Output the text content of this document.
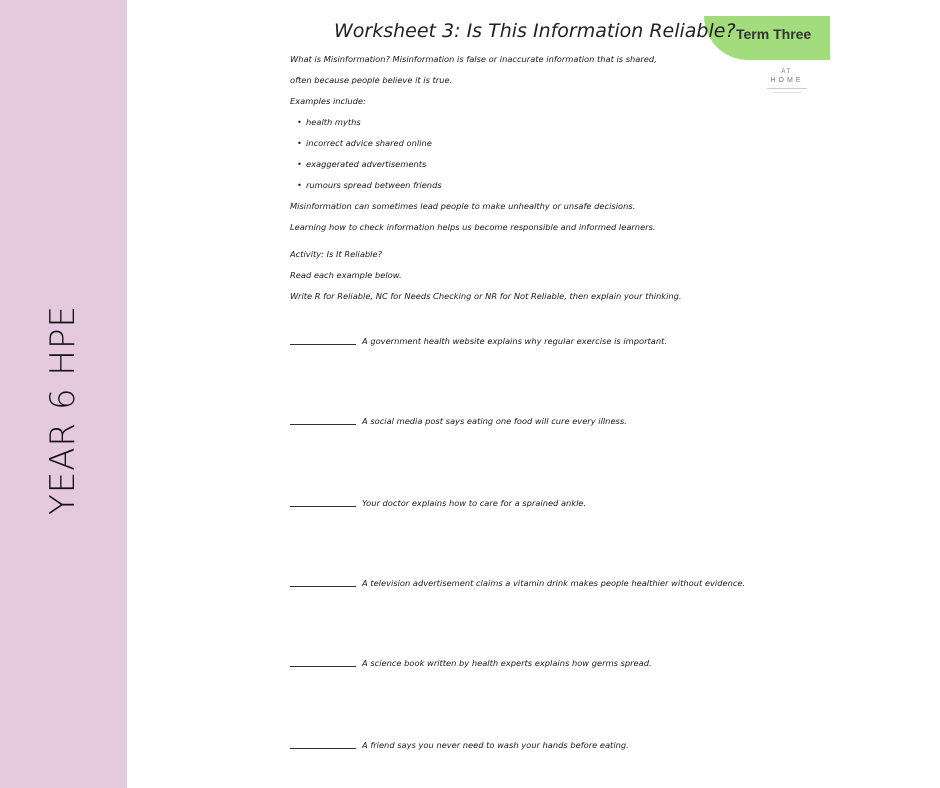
YEAR 6 HPE
Term Three
Worksheet 3: Is This Information Reliable?
AT
HOME
What is Misinformation? Misinformation is false or inaccurate information that is shared,
often because people believe it is true.
Examples include:
• health myths
• incorrect advice shared online
• exaggerated advertisements
• rumours spread between friends
Misinformation can sometimes lead people to make unhealthy or unsafe decisions.
Learning how to check information helps us become responsible and informed learners.
Activity: Is It Reliable?
Read each example below.
Write R for Reliable, NC for Needs Checking or NR for Not Reliable, then explain your thinking.
A government health website explains why regular exercise is important.
A social media post says eating one food will cure every illness.
Your doctor explains how to care for a sprained ankle.
A television advertisement claims a vitamin drink makes people healthier without evidence.
A science book written by health experts explains how germs spread.
A friend says you never need to wash your hands before eating.
